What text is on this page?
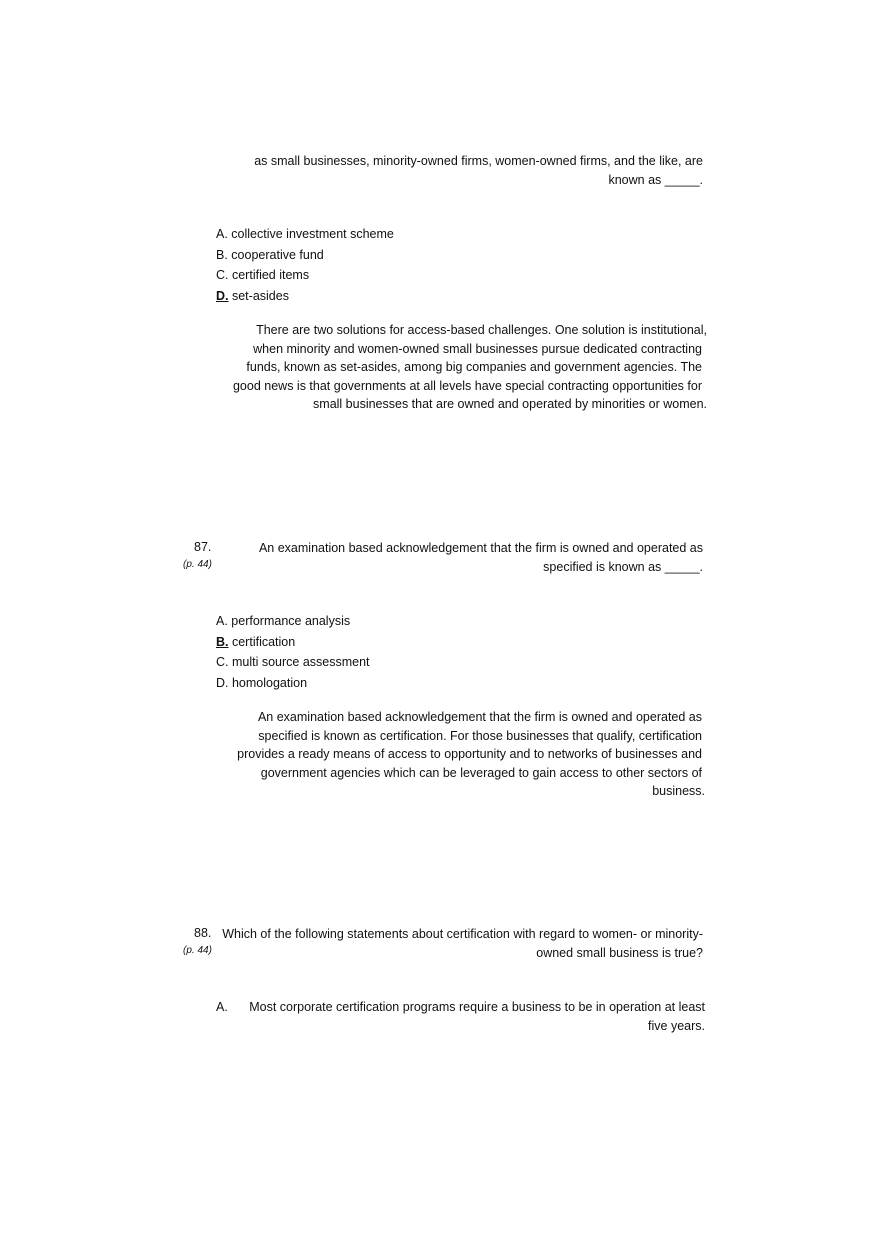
as small businesses, minority-owned firms, women-owned firms, and the like, are
known as _____.
A. collective investment scheme
B. cooperative fund
C. certified items
D. set-asides
There are two solutions for access-based challenges. One solution is institutional,
when minority and women-owned small businesses pursue dedicated contracting
funds, known as set-asides, among big companies and government agencies. The
good news is that governments at all levels have special contracting opportunities for
small businesses that are owned and operated by minorities or women.
87.
(p. 44)
An examination based acknowledgement that the firm is owned and operated as
specified is known as _____.
A. performance analysis
B. certification
C. multi source assessment
D. homologation
An examination based acknowledgement that the firm is owned and operated as
specified is known as certification. For those businesses that qualify, certification
provides a ready means of access to opportunity and to networks of businesses and
government agencies which can be leveraged to gain access to other sectors of
business.
88.
(p. 44)
Which of the following statements about certification with regard to women- or minority-
owned small business is true?
A.	Most corporate certification programs require a business to be in operation at least
five years.
